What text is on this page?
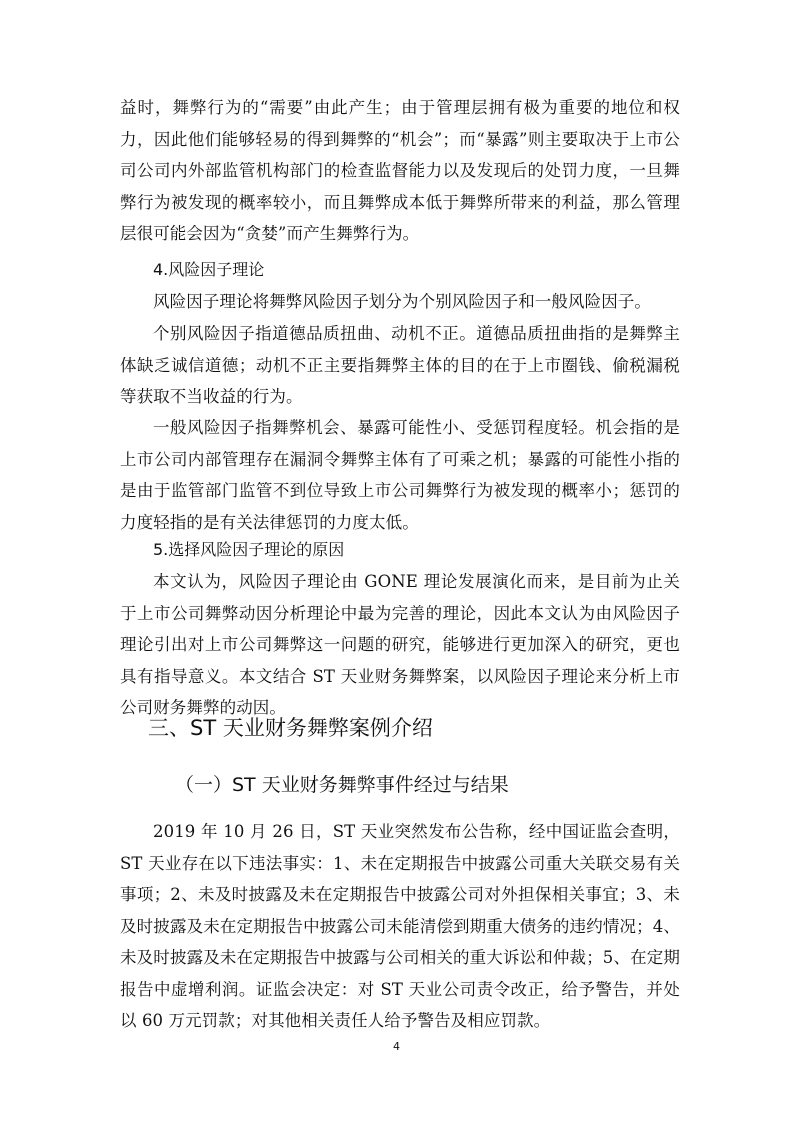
益时，舞弊行为的“需要”由此产生；由于管理层拥有极为重要的地位和权力，因此他们能够轻易的得到舞弊的“机会”；而“暴露”则主要取决于上市公司公司内外部监管机构部门的检查监督能力以及发现后的处罚力度，一旦舞弊行为被发现的概率较小，而且舞弊成本低于舞弊所带来的利益，那么管理层很可能会因为“贪婪”而产生舞弊行为。

4.风险因子理论

风险因子理论将舞弊风险因子划分为个别风险因子和一般风险因子。

个别风险因子指道德品质扭曲、动机不正。道德品质扭曲指的是舞弊主体缺乏诚信道德；动机不正主要指舞弊主体的目的在于上市圈钱、偷税漏税等获取不当收益的行为。

一般风险因子指舞弊机会、暴露可能性小、受惩罚程度轻。机会指的是上市公司内部管理存在漏洞令舞弊主体有了可乘之机；暴露的可能性小指的是由于监管部门监管不到位导致上市公司舞弊行为被发现的概率小；惩罚的力度轻指的是有关法律惩罚的力度太低。

5.选择风险因子理论的原因

本文认为，风险因子理论由 GONE 理论发展演化而来，是目前为止关于上市公司舞弊动因分析理论中最为完善的理论，因此本文认为由风险因子理论引出对上市公司舞弊这一问题的研究，能够进行更加深入的研究，更也具有指导意义。本文结合 ST 天业财务舞弊案，以风险因子理论来分析上市公司财务舞弊的动因。

三、ST 天业财务舞弊案例介绍
（一）ST 天业财务舞弊事件经过与结果

2019 年 10 月 26 日，ST 天业突然发布公告称，经中国证监会查明，ST 天业存在以下违法事实：1、未在定期报告中披露公司重大关联交易有关事项；2、未及时披露及未在定期报告中披露公司对外担保相关事宜；3、未及时披露及未在定期报告中披露公司未能清偿到期重大债务的违约情况；4、未及时披露及未在定期报告中披露与公司相关的重大诉讼和仲裁；5、在定期报告中虚增利润。证监会决定：对 ST 天业公司责令改正，给予警告，并处以 60 万元罚款；对其他相关责任人给予警告及相应罚款。

4
